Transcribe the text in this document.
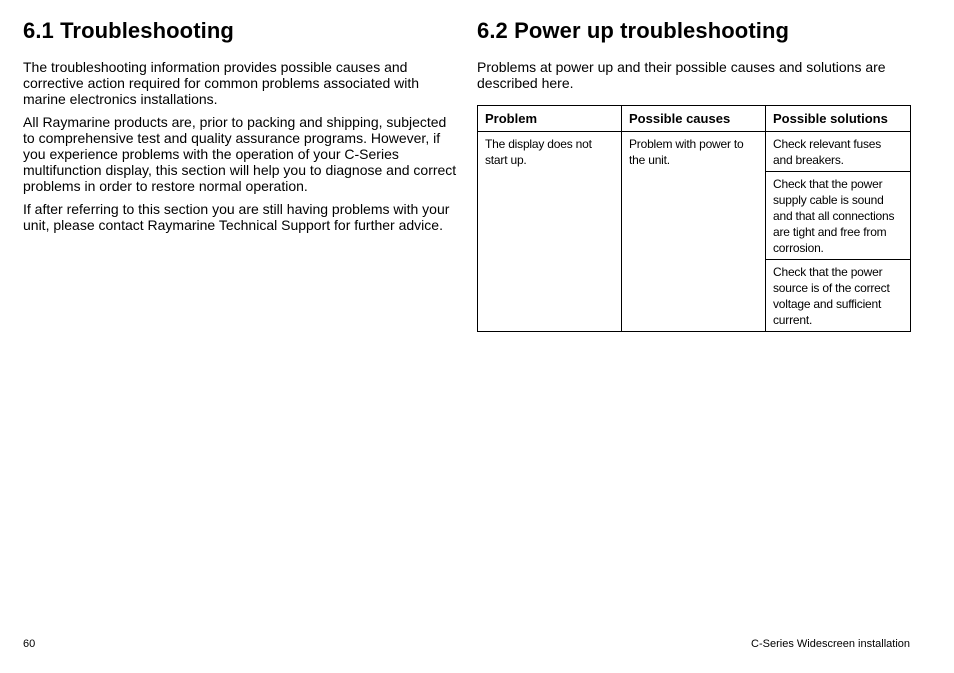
6.1 Troubleshooting

The troubleshooting information provides possible causes and corrective action required for common problems associated with marine electronics installations.

All Raymarine products are, prior to packing and shipping, subjected to comprehensive test and quality assurance programs. However, if you experience problems with the operation of your C-Series multifunction display, this section will help you to diagnose and correct problems in order to restore normal operation.

If after referring to this section you are still having problems with your unit, please contact Raymarine Technical Support for further advice.

6.2 Power up troubleshooting

Problems at power up and their possible causes and solutions are described here.

Problem	Possible causes	Possible solutions
The display does not start up.	Problem with power to the unit.	Check relevant fuses and breakers.
		Check that the power supply cable is sound and that all connections are tight and free from corrosion.
		Check that the power source is of the correct voltage and sufficient current.
60	C-Series Widescreen installation
